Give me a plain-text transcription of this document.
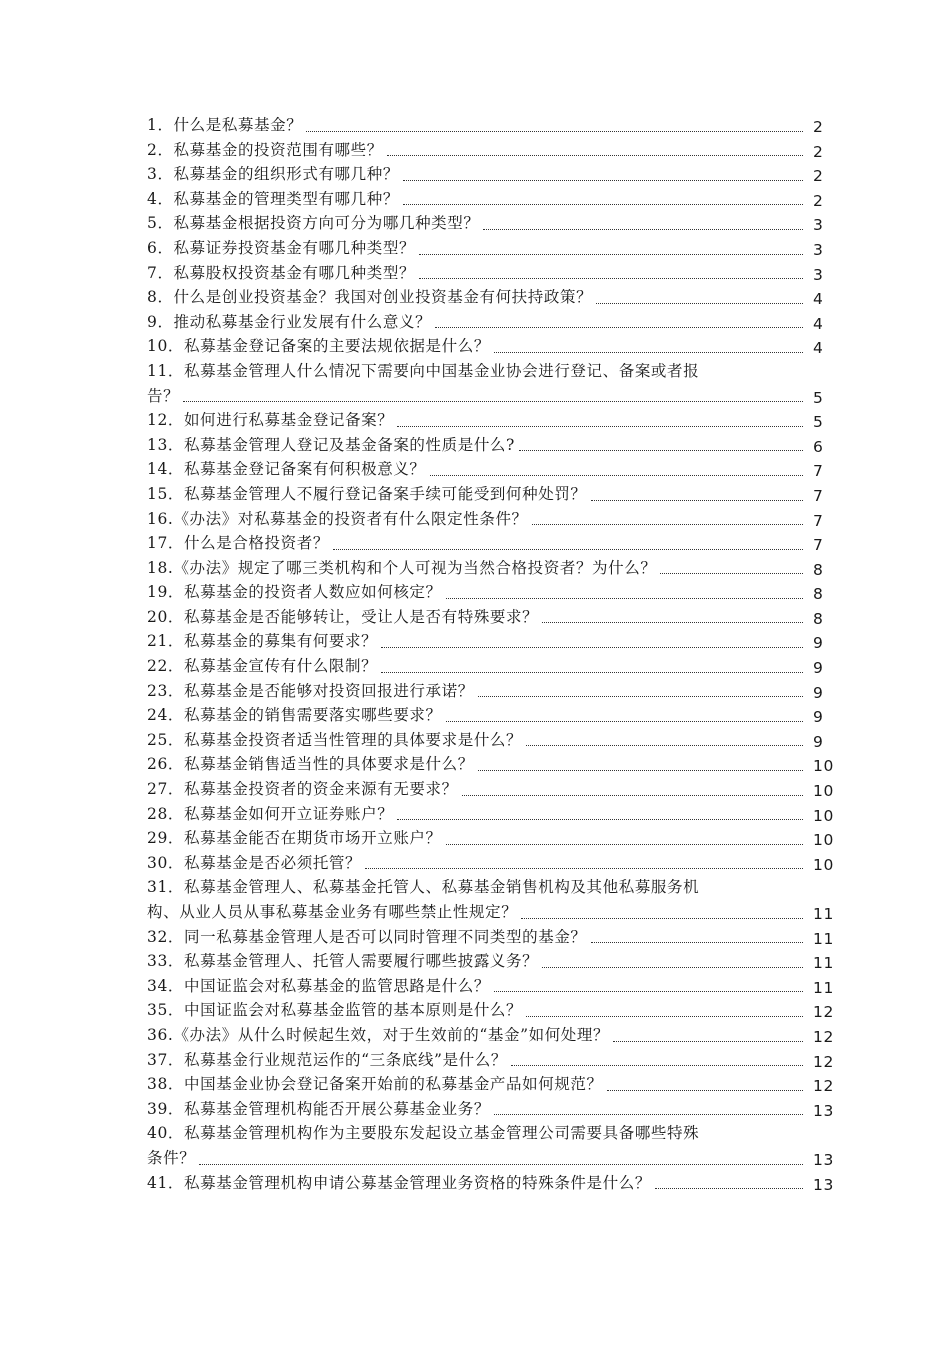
1．什么是私募基金？	2
2．私募基金的投资范围有哪些？	2
3．私募基金的组织形式有哪几种？	2
4．私募基金的管理类型有哪几种？	2
5．私募基金根据投资方向可分为哪几种类型？	3
6．私募证券投资基金有哪几种类型？	3
7．私募股权投资基金有哪几种类型？	3
8．什么是创业投资基金？我国对创业投资基金有何扶持政策？	4
9．推动私募基金行业发展有什么意义？	4
10．私募基金登记备案的主要法规依据是什么？	4
11．私募基金管理人什么情况下需要向中国基金业协会进行登记、备案或者报
告？	5
12．如何进行私募基金登记备案？	5
13．私募基金管理人登记及基金备案的性质是什么?	6
14．私募基金登记备案有何积极意义？	7
15．私募基金管理人不履行登记备案手续可能受到何种处罚？	7
16.《办法》对私募基金的投资者有什么限定性条件？	7
17．什么是合格投资者？	7
18.《办法》规定了哪三类机构和个人可视为当然合格投资者？为什么？	8
19．私募基金的投资者人数应如何核定？	8
20．私募基金是否能够转让，受让人是否有特殊要求？	8
21．私募基金的募集有何要求？	9
22．私募基金宣传有什么限制？	9
23．私募基金是否能够对投资回报进行承诺？	9
24．私募基金的销售需要落实哪些要求？	9
25．私募基金投资者适当性管理的具体要求是什么？	9
26．私募基金销售适当性的具体要求是什么？	10
27．私募基金投资者的资金来源有无要求？	10
28．私募基金如何开立证券账户？	10
29．私募基金能否在期货市场开立账户？	10
30．私募基金是否必须托管？	10
31．私募基金管理人、私募基金托管人、私募基金销售机构及其他私募服务机
构、从业人员从事私募基金业务有哪些禁止性规定？	11
32．同一私募基金管理人是否可以同时管理不同类型的基金？	11
33．私募基金管理人、托管人需要履行哪些披露义务？	11
34．中国证监会对私募基金的监管思路是什么？	11
35．中国证监会对私募基金监管的基本原则是什么？	12
36.《办法》从什么时候起生效，对于生效前的“基金”如何处理？	12
37．私募基金行业规范运作的“三条底线”是什么？	12
38．中国基金业协会登记备案开始前的私募基金产品如何规范？	12
39．私募基金管理机构能否开展公募基金业务？	13
40．私募基金管理机构作为主要股东发起设立基金管理公司需要具备哪些特殊
条件？	13
41．私募基金管理机构申请公募基金管理业务资格的特殊条件是什么？	13
